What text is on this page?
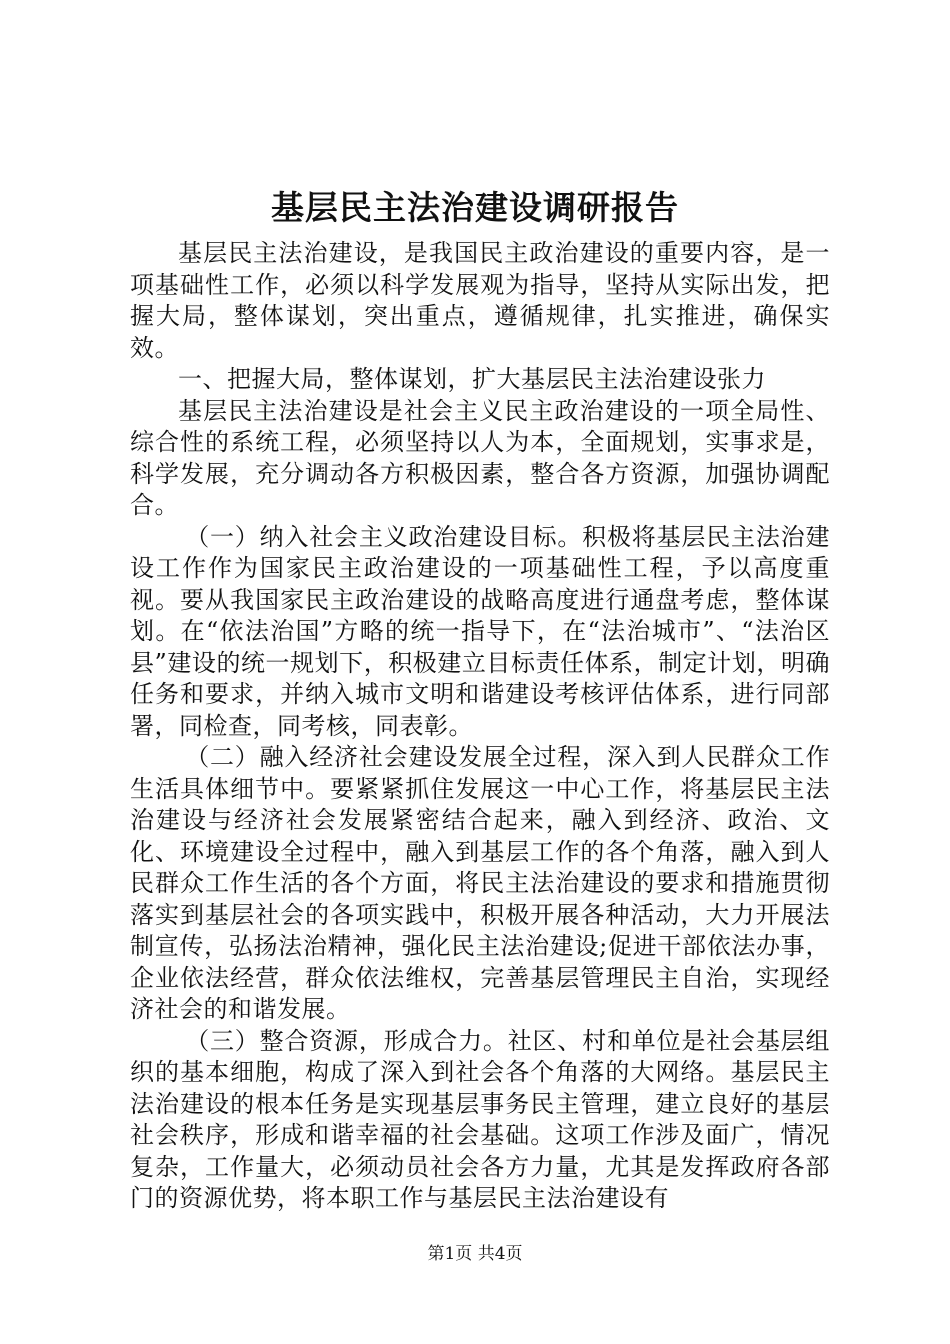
基层民主法治建设调研报告

基层民主法治建设，是我国民主政治建设的重要内容，是一项基础性工作，必须以科学发展观为指导，坚持从实际出发，把握大局，整体谋划，突出重点，遵循规律，扎实推进，确保实效。

一、把握大局，整体谋划，扩大基层民主法治建设张力

基层民主法治建设是社会主义民主政治建设的一项全局性、综合性的系统工程，必须坚持以人为本，全面规划，实事求是，科学发展，充分调动各方积极因素，整合各方资源，加强协调配合。

（一）纳入社会主义政治建设目标。积极将基层民主法治建设工作作为国家民主政治建设的一项基础性工程，予以高度重视。要从我国家民主政治建设的战略高度进行通盘考虑，整体谋划。在“依法治国”方略的统一指导下，在“法治城市”、“法治区县”建设的统一规划下，积极建立目标责任体系，制定计划，明确任务和要求，并纳入城市文明和谐建设考核评估体系，进行同部署，同检查，同考核，同表彰。

（二）融入经济社会建设发展全过程，深入到人民群众工作生活具体细节中。要紧紧抓住发展这一中心工作，将基层民主法治建设与经济社会发展紧密结合起来，融入到经济、政治、文化、环境建设全过程中，融入到基层工作的各个角落，融入到人民群众工作生活的各个方面，将民主法治建设的要求和措施贯彻落实到基层社会的各项实践中，积极开展各种活动，大力开展法制宣传，弘扬法治精神，强化民主法治建设;促进干部依法办事，企业依法经营，群众依法维权，完善基层管理民主自治，实现经济社会的和谐发展。

（三）整合资源，形成合力。社区、村和单位是社会基层组织的基本细胞，构成了深入到社会各个角落的大网络。基层民主法治建设的根本任务是实现基层事务民主管理，建立良好的基层社会秩序，形成和谐幸福的社会基础。这项工作涉及面广，情况复杂，工作量大，必须动员社会各方力量，尤其是发挥政府各部门的资源优势，将本职工作与基层民主法治建设有

第1页 共4页
